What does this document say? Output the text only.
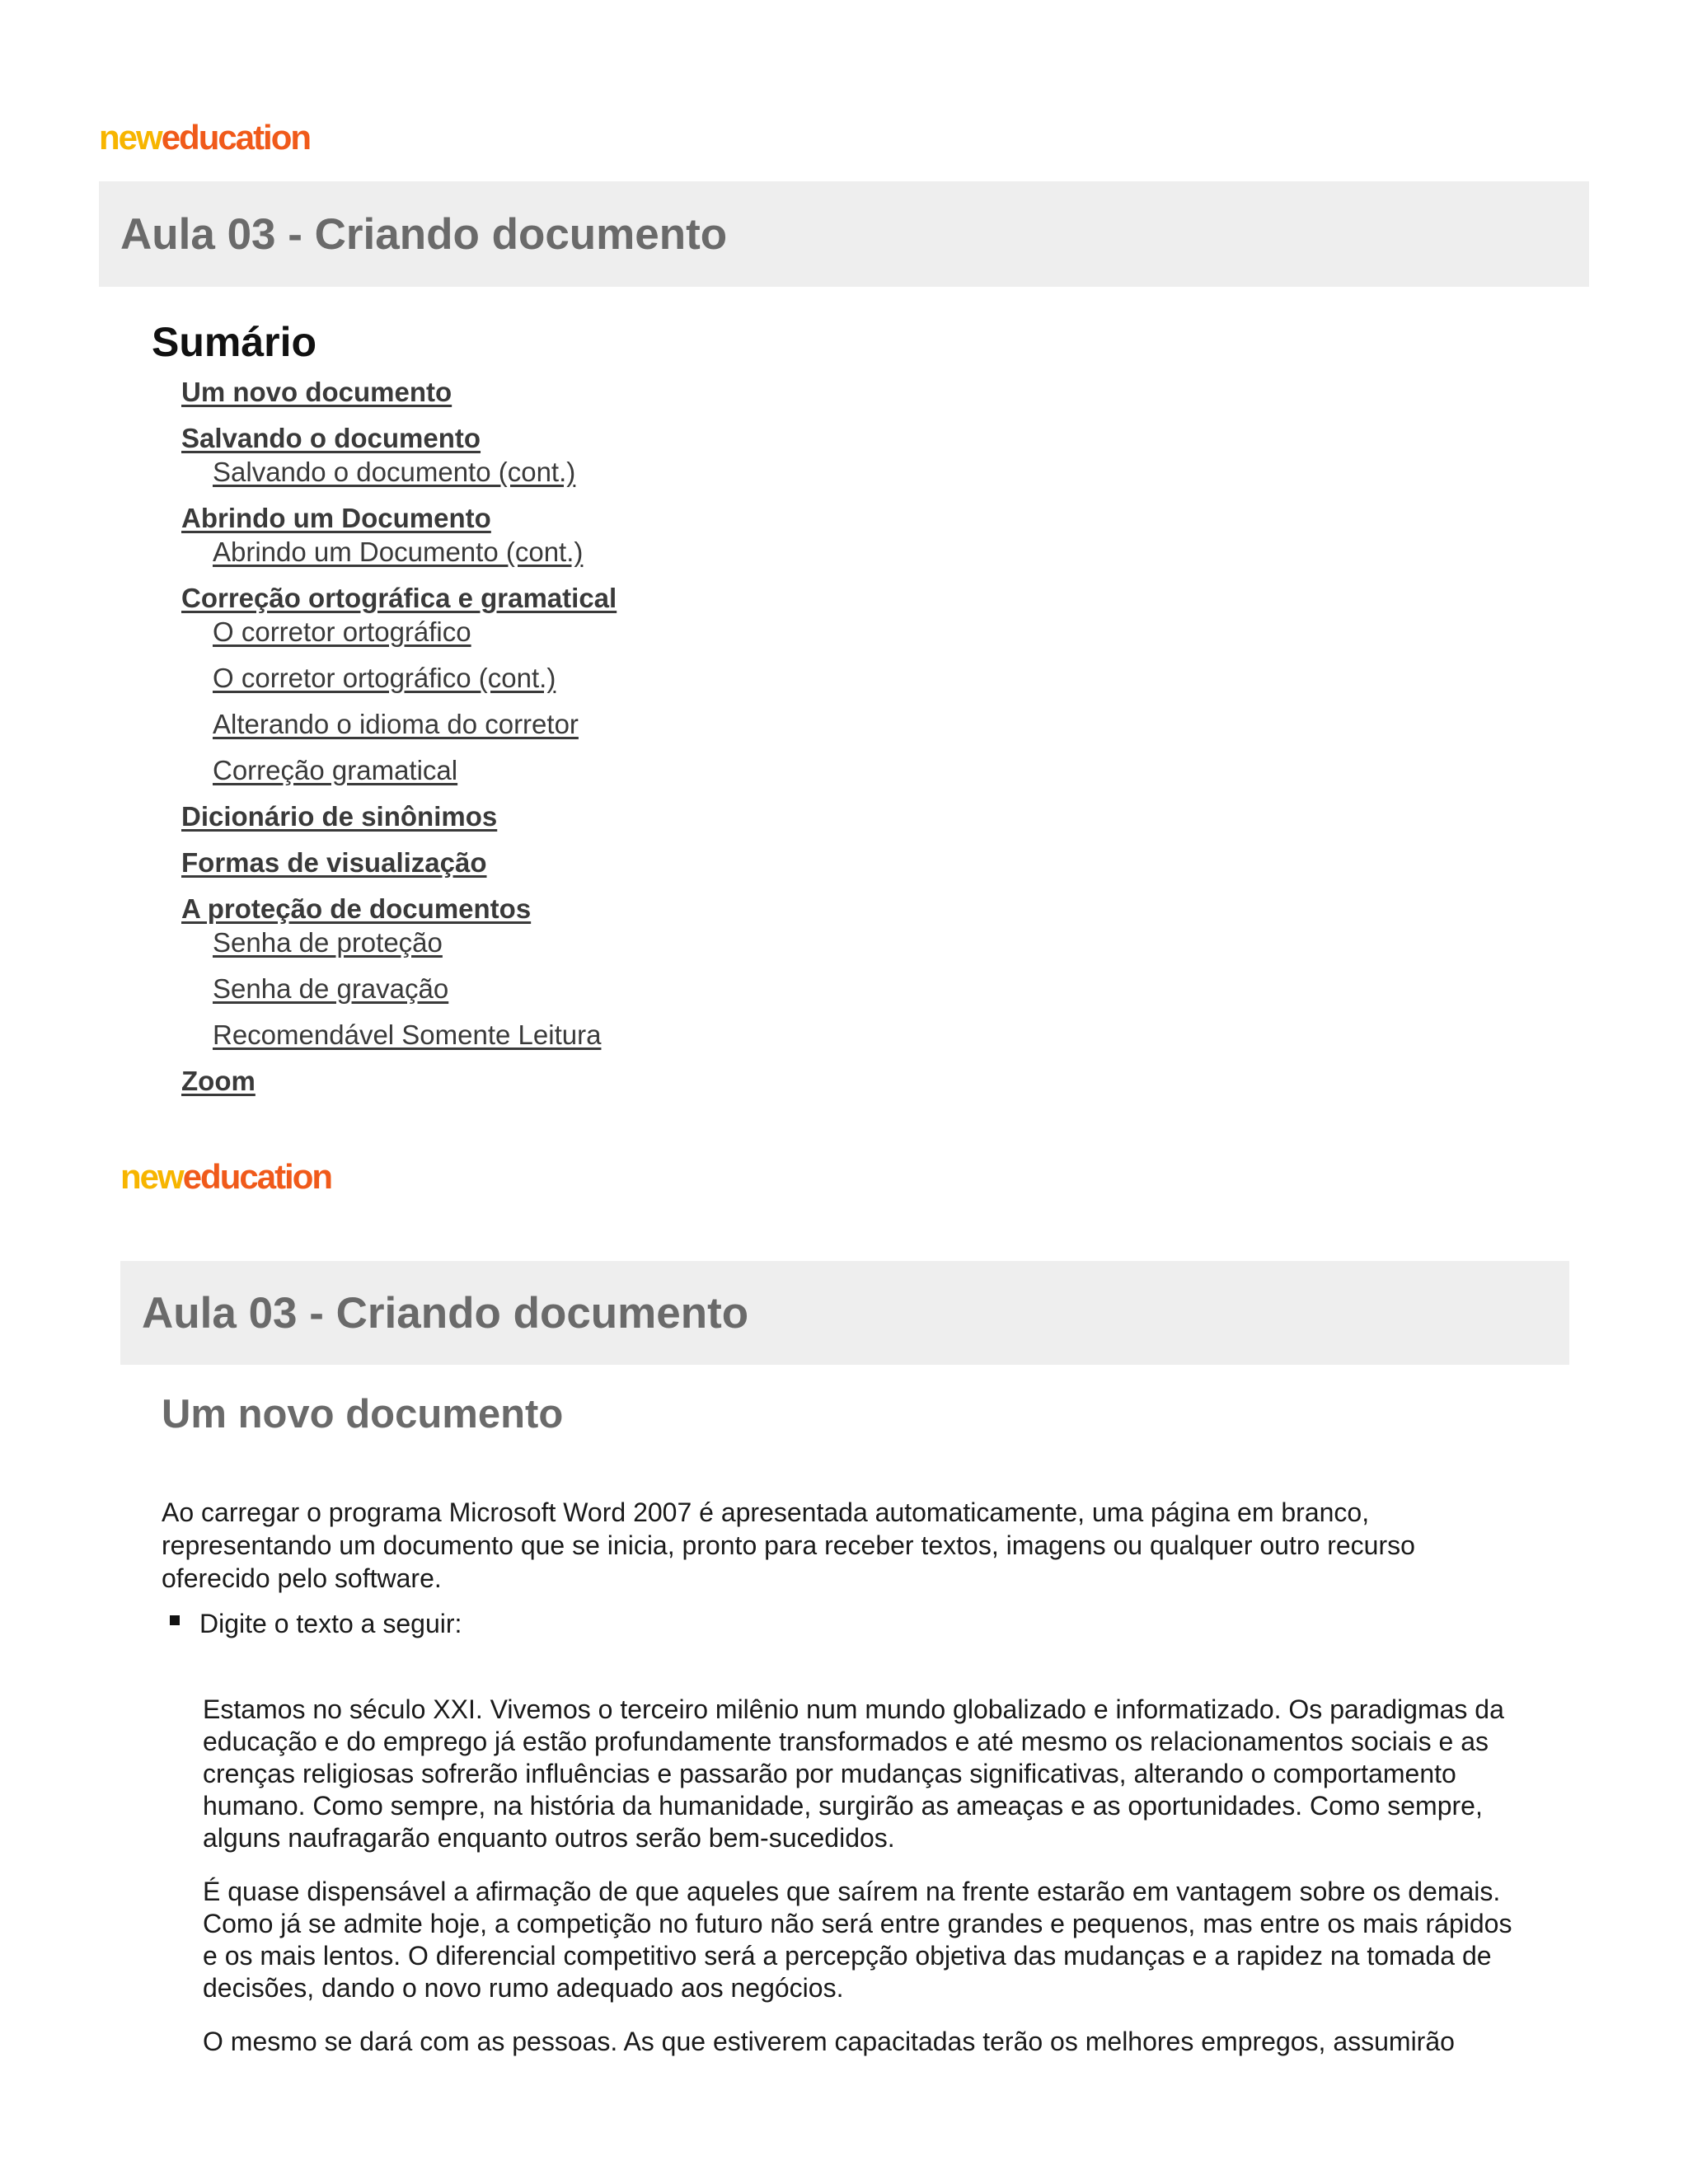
neweducation
Aula 03 - Criando documento
Sumário
Um novo documento
Salvando o documento
Salvando o documento (cont.)
Abrindo um Documento
Abrindo um Documento (cont.)
Correção ortográfica e gramatical
O corretor ortográfico
O corretor ortográfico (cont.)
Alterando o idioma do corretor
Correção gramatical
Dicionário de sinônimos
Formas de visualização
A proteção de documentos
Senha de proteção
Senha de gravação
Recomendável Somente Leitura
Zoom
neweducation
Aula 03 - Criando documento
Um novo documento

Ao carregar o programa Microsoft Word 2007 é apresentada automaticamente, uma página em branco, representando um documento que se inicia, pronto para receber textos, imagens ou qualquer outro recurso oferecido pelo software.

Digite o texto a seguir:

Estamos no século XXI. Vivemos o terceiro milênio num mundo globalizado e informatizado. Os paradigmas da educação e do emprego já estão profundamente transformados e até mesmo os relacionamentos sociais e as crenças religiosas sofrerão influências e passarão por mudanças significativas, alterando o comportamento humano. Como sempre, na história da humanidade, surgirão as ameaças e as oportunidades. Como sempre, alguns naufragarão enquanto outros serão bem-sucedidos.

É quase dispensável a afirmação de que aqueles que saírem na frente estarão em vantagem sobre os demais. Como já se admite hoje, a competição no futuro não será entre grandes e pequenos, mas entre os mais rápidos e os mais lentos. O diferencial competitivo será a percepção objetiva das mudanças e a rapidez na tomada de decisões, dando o novo rumo adequado aos negócios.

O mesmo se dará com as pessoas. As que estiverem capacitadas terão os melhores empregos, assumirão
